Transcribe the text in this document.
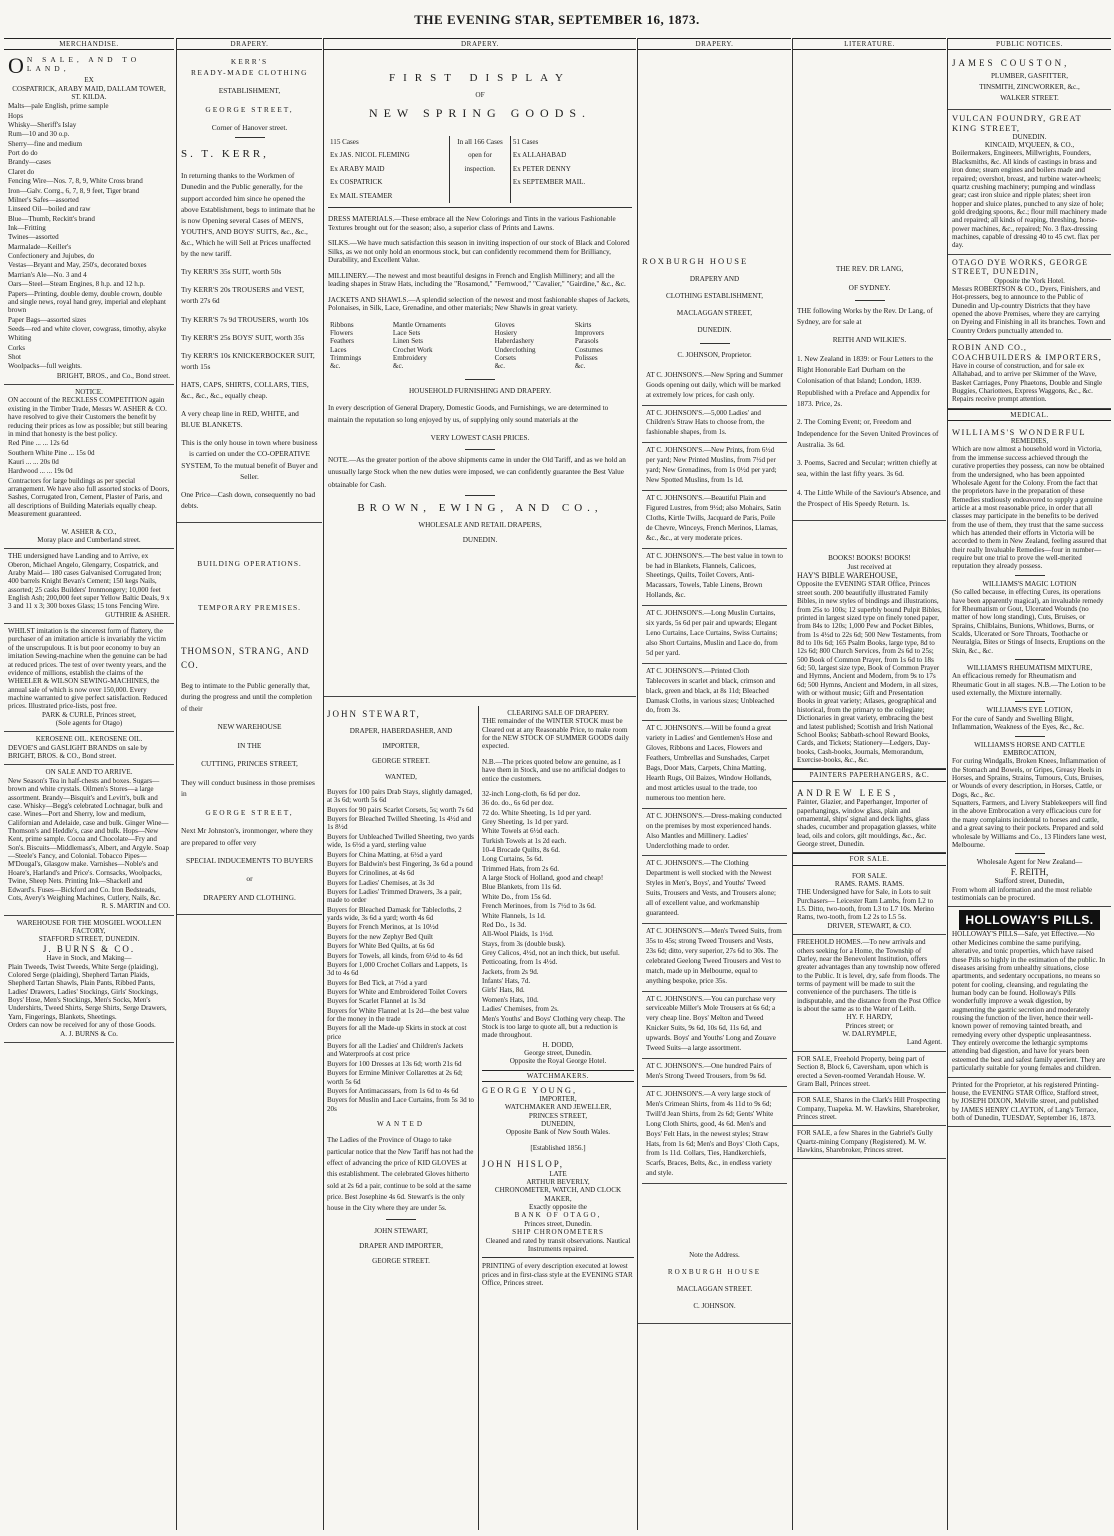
THE EVENING STAR, SEPTEMBER 16, 1873.
MERCHANDISE.
O N SALE, AND TO LAND,
EX
COSPATRICK, ARABY MAID, DALLAM TOWER, ST. KILDA.
Malts—pale English, prime sample
Hops
Whisky—Sheriff's Islay
Rum—10 and 30 o.p.
Sherry—fine and medium
Port do do
Brandy—cases
Claret do
Fencing Wire—Nos. 7, 8, 9, White Cross brand
Iron—Galv. Corrg., 6, 7, 8, 9 feet, Tiger brand
Milner's Safes—assorted
Linseed Oil—boiled and raw
Blue—Thumb, Reckitt's brand
Ink—Fritting
Twines—assorted
Marmalade—Keiller's
Confectionery and Jujubes, do
Vestas—Bryant and May, 250's, decorated boxes
Marrian's Ale—No. 3 and 4
Oars—Steel—Steam Engines, 8 h.p. and 12 h.p.
Papers—Printing, double demy, double crown, double and single news, royal hand grey, imperial and elephant brown
Paper Bags—assorted sizes
Seeds—red and white clover, cowgrass, timothy, alsyke
Whiting
Corks
Shot
Woolpacks—full weights.
BRIGHT, BROS., and Co., Bond street.
NOTICE.
ON account of the RECKLESS COMPETITION again existing in the Timber Trade, Messrs W. ASHER & CO. have resolved to give their Customers the benefit by reducing their prices as low as possible; but still bearing in mind that honesty is the best policy.
Red Pine ... ... 12s 6d
Southern White Pine ... 15s 0d
Kauri ... ... 20s 0d
Hardwood ... ... 19s 0d
Contractors for large buildings as per special arrangement. We have also full assorted stocks of Doors, Sashes, Corrugated Iron, Cement, Plaster of Paris, and all descriptions of Building Materials equally cheap. Measurement guaranteed.
W. ASHER & CO.,
Moray place and Cumberland street.
THE undersigned have Landing and to Arrive, ex Oberon, Michael Angelo, Glengarry, Cospatrick, and Araby Maid— 180 cases Galvanised Corrugated Iron; 400 barrels Knight Bevan's Cement; 150 kegs Nails, assorted; 25 casks Builders' Ironmongery; 10,000 feet English Ash; 200,000 feet super Yellow Baltic Deals, 9 x 3 and 11 x 3; 300 boxes Glass; 15 tons Fencing Wire.
GUTHRIE & ASHER.
WHILST imitation is the sincerest form of flattery, the purchaser of an imitation article is invariably the victim of the unscrupulous. It is but poor economy to buy an imitation Sewing-machine when the genuine can be had at reduced prices. The test of over twenty years, and the evidence of millions, establish the claims of the WHEELER & WILSON SEWING-MACHINES, the annual sale of which is now over 150,000. Every machine warranted to give perfect satisfaction. Reduced prices. Illustrated price-lists, post free.
PARK & CURLE, Princes street,
(Sole agents for Otago)
KEROSENE OIL. KEROSENE OIL.
DEVOE'S and GASLIGHT BRANDS on sale by BRIGHT, BROS. & CO., Bond street.
ON SALE AND TO ARRIVE.
New Season's Tea in half-chests and boxes. Sugars—brown and white crystals. Oilmen's Stores—a large assortment. Brandy—Bisquit's and Levitt's, bulk and case. Whisky—Begg's celebrated Lochnagar, bulk and case. Wines—Port and Sherry, low and medium, Californian and Adelaide, case and bulk. Ginger Wine—Thomson's and Heddle's, case and bulk. Hops—New Kent, prime sample. Cocoa and Chocolate—Fry and Son's. Biscuits—Middlemass's, Albert, and Argyle. Soap—Steele's Fancy, and Colonial. Tobacco Pipes—M'Dougal's, Glasgow make. Varnishes—Noble's and Hoare's, Harland's and Price's. Cornsacks, Woolpacks, Twine, Sheep Nets. Printing Ink—Shackell and Edward's. Fuses—Bickford and Co. Iron Bedsteads, Cots, Avery's Weighing Machines, Cutlery, Nails, &c.
R. S. MARTIN and CO.
WAREHOUSE FOR THE MOSGIEL WOOLLEN FACTORY,
STAFFORD STREET, DUNEDIN.
J. BURNS & CO.
Have in Stock, and Making—
Plain Tweeds, Twist Tweeds, White Serge (plaiding), Colored Serge (plaiding), Shepherd Tartan Plaids, Shepherd Tartan Shawls, Plain Pants, Ribbed Pants, Ladies' Drawers, Ladies' Stockings, Girls' Stockings, Boys' Hose, Men's Stockings, Men's Socks, Men's Undershirts, Tweed Shirts, Serge Shirts, Serge Drawers, Yarn, Fingerings, Blankets, Sheetings.
Orders can now be received for any of those Goods.
A. J. BURNS & Co.
DRAPERY.
KERR'S
READY-MADE CLOTHING
ESTABLISHMENT,
GEORGE STREET,
Corner of Hanover street.
S. T. KERR,
In returning thanks to the Workmen of Dunedin and the Public generally, for the support accorded him since he opened the above Establishment, begs to intimate that he is now Opening several Cases of MEN'S, YOUTH'S, AND BOYS' SUITS, &c., &c., &c., Which he will Sell at Prices unaffected by the new tariff.
Try KERR'S 35s SUIT, worth 50s
Try KERR'S 20s TROUSERS and VEST, worth 27s 6d
Try KERR'S 7s 9d TROUSERS, worth 10s
Try KERR'S 25s BOYS' SUIT, worth 35s
Try KERR'S 10s KNICKERBOCKER SUIT, worth 15s
HATS, CAPS, SHIRTS, COLLARS, TIES, &c., &c., &c., equally cheap.
A very cheap line in RED, WHITE, and BLUE BLANKETS.
This is the only house in town where business is carried on under the CO-OPERATIVE SYSTEM, To the mutual benefit of Buyer and Seller.
One Price—Cash down, consequently no bad debts.
BUILDING OPERATIONS.
TEMPORARY PREMISES.
THOMSON, STRANG, AND CO.
Beg to intimate to the Public generally that, during the progress and until the completion of their
NEW WAREHOUSE
IN THE
CUTTING, PRINCES STREET,
They will conduct business in those premises in
GEORGE STREET,
Next Mr Johnston's, ironmonger, where they are prepared to offer very
SPECIAL INDUCEMENTS TO BUYERS
or
DRAPERY AND CLOTHING.
DRAPERY.
FIRST DISPLAY
OF
NEW SPRING GOODS.
115 Cases
Ex JAS. NICOL FLEMING
Ex ARABY MAID
Ex COSPATRICK
Ex MAIL STEAMER
	In all 166 Cases open for inspection.	
51 Cases
Ex ALLAHABAD
Ex PETER DENNY
Ex SEPTEMBER MAIL.
DRESS MATERIALS.—These embrace all the New Colorings and Tints in the various Fashionable Textures brought out for the season; also, a superior class of Prints and Lawns.
SILKS.—We have much satisfaction this season in inviting inspection of our stock of Black and Colored Silks, as we not only hold an enormous stock, but can confidently recommend them for Brilliancy, Durability, and Excellent Value.
MILLINERY.—The newest and most beautiful designs in French and English Millinery; and all the leading shapes in Straw Hats, including the "Rosamond," "Fernwood," "Cavalier," "Gairdine," &c., &c.
JACKETS AND SHAWLS.—A splendid selection of the newest and most fashionable shapes of Jackets, Polonaises, in Silk, Lace, Grenadine, and other materials; New Shawls in great variety.
Ribbons
Flowers
Feathers
Laces
Trimmings
&c.

Mantle Ornaments
Lace Sets
Linen Sets
Crochet Work
Embroidery
&c.

Gloves
Hosiery
Haberdashery
Underclothing
Corsets
&c.

Skirts
Improvers
Parasols
Costumes
Polisses
&c.
HOUSEHOLD FURNISHING AND DRAPERY.
In every description of General Drapery, Domestic Goods, and Furnishings, we are determined to maintain the reputation so long enjoyed by us, of supplying only sound materials at the
VERY LOWEST CASH PRICES.
NOTE.—As the greater portion of the above shipments came in under the Old Tariff, and as we hold an unusually large Stock when the new duties were imposed, we can confidently guarantee the Best Value obtainable for Cash.
BROWN, EWING, AND CO.,
WHOLESALE AND RETAIL DRAPERS,
DUNEDIN.
JOHN STEWART,
DRAPER, HABERDASHER, AND
IMPORTER,
GEORGE STREET.
WANTED,
Buyers for 100 pairs Drab Stays, slightly damaged, at 3s 6d; worth 5s 6d
Buyers for 90 pairs Scarlet Corsets, 5s; worth 7s 6d
Buyers for Bleached Twilled Sheeting, 1s 4½d and 1s 8½d
Buyers for Unbleached Twilled Sheeting, two yards wide, 1s 6½d a yard, sterling value
Buyers for China Matting, at 6½d a yard
Buyers for Baldwin's best Fingering, 3s 6d a pound
Buyers for Crinolines, at 4s 6d
Buyers for Ladies' Chemises, at 3s 3d
Buyers for Ladies' Trimmed Drawers, 3s a pair, made to order
Buyers for Bleached Damask for Tablecloths, 2 yards wide, 3s 6d a yard; worth 4s 6d
Buyers for French Merinos, at 1s 10½d
Buyers for the new Zephyr Bed Quilt
Buyers for White Bed Quilts, at 6s 6d
Buyers for Towels, all kinds, from 6½d to 4s 6d
Buyers for 1,000 Crochet Collars and Lappets, 1s 3d to 4s 6d
Buyers for Bed Tick, at 7½d a yard
Buyers for White and Embroidered Toilet Covers
Buyers for Scarlet Flannel at 1s 3d
Buyers for White Flannel at 1s 2d—the best value for the money in the trade
Buyers for all the Made-up Skirts in stock at cost price
Buyers for all the Ladies' and Children's Jackets and Waterproofs at cost price
Buyers for 100 Dresses at 13s 6d; worth 21s 6d
Buyers for Ermine Miniver Collarettes at 2s 6d; worth 5s 6d
Buyers for Antimacassars, from 1s 6d to 4s 6d
Buyers for Muslin and Lace Curtains, from 5s 3d to 20s
WANTED
The Ladies of the Province of Otago to take particular notice that the New Tariff has not had the effect of advancing the price of KID GLOVES at this establishment. The celebrated Gloves hitherto sold at 2s 6d a pair, continue to be sold at the same price. Best Josephine 4s 6d. Stewart's is the only house in the City where they are under 5s.
JOHN STEWART,
DRAPER AND IMPORTER,
GEORGE STREET.
CLEARING SALE OF DRAPERY.
THE remainder of the WINTER STOCK must be Cleared out at any Reasonable Price, to make room for the NEW STOCK OF SUMMER GOODS daily expected.
N.B.—The prices quoted below are genuine, as I have them in Stock, and use no artificial dodges to entice the customers.
32-inch Long-cloth, 6s 6d per doz.
36 do. do., 6s 6d per doz.
72 do. White Sheeting, 1s 1d per yard.
Grey Sheeting, 1s 1d per yard.
White Towels at 6½d each.
Turkish Towels at 1s 2d each.
10-4 Brocade Quilts, 8s 6d.
Long Curtains, 5s 6d.
Trimmed Hats, from 2s 6d.
A large Stock of Holland, good and cheap!
Blue Blankets, from 11s 6d.
White Do., from 15s 6d.
French Merinoes, from 1s 7½d to 3s 6d.
White Flannels, 1s 1d.
Red Do., 1s 3d.
All-Wool Plaids, 1s 1½d.
Stays, from 3s (double busk).
Grey Calicos, 4½d, not an inch thick, but useful.
Petticoating, from 1s 4½d.
Jackets, from 2s 9d.
Infants' Hats, 7d.
Girls' Hats, 8d.
Women's Hats, 10d.
Ladies' Chemises, from 2s.
Men's Youths' and Boys' Clothing very cheap. The Stock is too large to quote all, but a reduction is made throughout.
H. DODD,
George street, Dunedin.
Opposite the Royal George Hotel.
WATCHMAKERS.
GEORGE YOUNG,
IMPORTER,
WATCHMAKER AND JEWELLER,
PRINCES STREET,
DUNEDIN,
Opposite Bank of New South Wales.
[Established 1856.]
JOHN HISLOP,
LATE
ARTHUR BEVERLY,
CHRONOMETER, WATCH, AND CLOCK MAKER,
Exactly opposite the
BANK OF OTAGO,
Princes street, Dunedin.
SHIP CHRONOMETERS
Cleaned and rated by transit observations. Nautical Instruments repaired.
PRINTING of every description executed at lowest prices and in first-class style at the EVENING STAR Office, Princes street.
DRAPERY.
ROXBURGH HOUSE
DRAPERY AND
CLOTHING ESTABLISHMENT,
MACLAGGAN STREET,
DUNEDIN.
C. JOHNSON, Proprietor.
AT C. JOHNSON'S.—New Spring and Summer Goods opening out daily, which will be marked at extremely low prices, for cash only.
AT C. JOHNSON'S.—5,000 Ladies' and Children's Straw Hats to choose from, the fashionable shapes, from 1s.
AT C. JOHNSON'S.—New Prints, from 6½d per yard; New Printed Muslins, from 7½d per yard; New Grenadines, from 1s 0½d per yard; New Spotted Muslins, from 1s 1d.
AT C. JOHNSON'S.—Beautiful Plain and Figured Lustres, from 9½d; also Mohairs, Satin Cloths, Kirtle Twills, Jacquard de Paris, Poile de Chevre, Winceys, French Merinos, Llamas, &c., &c., at very moderate prices.
AT C. JOHNSON'S.—The best value in town to be had in Blankets, Flannels, Calicoes, Sheetings, Quilts, Toilet Covers, Anti-Macassars, Towels, Table Linens, Brown Hollands, &c.
AT C. JOHNSON'S.—Long Muslin Curtains, six yards, 5s 6d per pair and upwards; Elegant Leno Curtains, Lace Curtains, Swiss Curtains; also Short Curtains, Muslin and Lace do, from 5d per yard.
AT C. JOHNSON'S.—Printed Cloth Tablecovers in scarlet and black, crimson and black, green and black, at 8s 11d; Bleached Damask Cloths, in various sizes; Unbleached do, from 3s.
AT C. JOHNSON'S.—Will be found a great variety in Ladies' and Gentlemen's Hose and Gloves, Ribbons and Laces, Flowers and Feathers, Umbrellas and Sunshades, Carpet Bags, Door Mats, Carpets, China Matting, Hearth Rugs, Oil Baizes, Window Hollands, and most articles usual to the trade, too numerous too mention here.
AT C. JOHNSON'S.—Dress-making conducted on the premises by most experienced hands. Also Mantles and Millinery. Ladies' Underclothing made to order.
AT C. JOHNSON'S.—The Clothing Department is well stocked with the Newest Styles in Men's, Boys', and Youths' Tweed Suits, Trousers and Vests, and Trousers alone; all of excellent value, and workmanship guaranteed.
AT C. JOHNSON'S.—Men's Tweed Suits, from 35s to 45s; strong Tweed Trousers and Vests, 23s 6d; ditto, very superior, 27s 6d to 30s. The celebrated Geelong Tweed Trousers and Vest to match, made up in Melbourne, equal to anything bespoke, price 35s.
AT C. JOHNSON'S.—You can purchase very serviceable Miller's Mole Trousers at 6s 6d; a very cheap line. Boys' Melton and Tweed Knicker Suits, 9s 6d, 10s 6d, 11s 6d, and upwards. Boys' and Youths' Long and Zouave Tweed Suits—a large assortment.
AT C. JOHNSON'S.—One hundred Pairs of Men's Strong Tweed Trousers, from 9s 6d.
AT C. JOHNSON'S.—A very large stock of Men's Crimean Shirts, from 4s 11d to 9s 6d; Twill'd Jean Shirts, from 2s 6d; Gents' White Long Cloth Shirts, good, 4s 6d. Men's and Boys' Felt Hats, in the newest styles; Straw Hats, from 1s 6d; Men's and Boys' Cloth Caps, from 1s 11d. Collars, Ties, Handkerchiefs, Scarfs, Braces, Belts, &c., in endless variety and style.
Note the Address.
ROXBURGH HOUSE
MACLAGGAN STREET.
C. JOHNSON.
LITERATURE.
THE REV. DR LANG,
OF SYDNEY.
THE following Works by the Rev. Dr Lang, of Sydney, are for sale at
REITH AND WILKIE'S.
1. New Zealand in 1839: or Four Letters to the Right Honorable Earl Durham on the Colonisation of that Island; London, 1839. Republished with a Preface and Appendix for 1873. Price, 2s.
2. The Coming Event; or, Freedom and Independence for the Seven United Provinces of Australia. 3s 6d.
3. Poems, Sacred and Secular; written chiefly at sea, within the last fifty years. 3s 6d.
4. The Little While of the Saviour's Absence, and the Prospect of His Speedy Return. 1s.
BOOKS! BOOKS! BOOKS!
Just received at
HAY'S BIBLE WAREHOUSE,
Opposite the EVENING STAR Office, Princes street south. 200 beautifully illustrated Family Bibles, in new styles of bindings and illustrations, from 25s to 100s; 12 superbly bound Pulpit Bibles, printed in largest sized type on finely toned paper, from 84s to 120s; 1,000 Pew and Pocket Bibles, from 1s 4½d to 22s 6d; 500 New Testaments, from 8d to 10s 6d; 165 Psalm Books, large type, 8d to 12s 6d; 800 Church Services, from 2s 6d to 25s; 500 Book of Common Prayer, from 1s 6d to 18s 6d; 50, largest size type, Book of Common Prayer and Hymns, Ancient and Modern, from 9s to 17s 6d; 500 Hymns, Ancient and Modern, in all sizes, with or without music; Gift and Presentation Books in great variety; Atlases, geographical and historical, from the primary to the collegiate; Dictionaries in great variety, embracing the best and latest published; Scottish and Irish National School Books; Sabbath-school Reward Books, Cards, and Tickets; Stationery—Ledgers, Day-books, Cash-books, Journals, Memorandum, Exercise-books, &c., &c.
PAINTERS PAPERHANGERS, &C.
ANDREW LEES,
Painter, Glazier, and Paperhanger, Importer of paperhangings, window glass, plain and ornamental, ships' signal and deck lights, glass shades, cucumber and propagation glasses, white lead, oils and colors, gilt mouldings, &c., &c. George street, Dunedin.
FOR SALE.
FOR SALE.
RAMS. RAMS. RAMS.
THE Undersigned have for Sale, in Lots to suit Purchasers— Leicester Ram Lambs, from L2 to L5. Ditto, two-tooth, from L3 to L7 10s. Merino Rams, two-tooth, from L2 2s to L5 5s.
DRIVER, STEWART, & CO.
FREEHOLD HOMES.—To new arrivals and others seeking for a Home, the Township of Darley, near the Benevolent Institution, offers greater advantages than any township now offered to the Public. It is level, dry, safe from floods. The terms of payment will be made to suit the convenience of the purchasers. The title is indisputable, and the distance from the Post Office is about the same as to the Water of Leith.
HY. F. HARDY,
Princes street; or
W. DALRYMPLE,
Land Agent.
FOR SALE, Freehold Property, being part of Section 8, Block 6, Caversham, upon which is erected a Seven-roomed Verandah House. W. Gram Ball, Princes street.
FOR SALE, Shares in the Clark's Hill Prospecting Company, Tuapeka. M. W. Hawkins, Sharebroker, Princes street.
FOR SALE, a few Shares in the Gabriel's Gully Quartz-mining Company (Registered). M. W. Hawkins, Sharebroker, Princes street.
PUBLIC NOTICES.
JAMES COUSTON,
PLUMBER, GASFITTER,
TINSMITH, ZINCWORKER, &c.,
WALKER STREET.
VULCAN FOUNDRY, GREAT KING STREET,
DUNEDIN.
KINCAID, M'QUEEN, & CO.,
Boilermakers, Engineers, Millwrights, Founders, Blacksmiths, &c. All kinds of castings in brass and iron done; steam engines and boilers made and repaired; overshot, breast, and turbine water-wheels; quartz crushing machinery; pumping and windlass gear; cast iron sluice and ripple plates; sheet iron hopper and sluice plates, punched to any size of hole; gold dredging spoons, &c.; flour mill machinery made and repaired; all kinds of reaping, threshing, horse-power machines, &c., repaired; No. 3 flax-dressing machines, capable of dressing 40 to 45 cwt. flax per day.
OTAGO DYE WORKS, GEORGE STREET, DUNEDIN,
Opposite the York Hotel.
Messrs ROBERTSON & CO., Dyers, Finishers, and Hot-pressers, beg to announce to the Public of Dunedin and Up-country Districts that they have opened the above Premises, where they are carrying on Dyeing and Finishing in all its branches. Town and Country Orders punctually attended to.
ROBIN AND CO., COACHBUILDERS & IMPORTERS,
Have in course of construction, and for sale ex Allahabad, and to arrive per Skimmer of the Wave, Basket Carriages, Pony Phaetons, Double and Single Buggies, Chariottees, Express Waggons, &c., &c. Repairs receive prompt attention.
MEDICAL.
WILLIAMS'S WONDERFUL
REMEDIES,
Which are now almost a household word in Victoria, from the immense success achieved through the curative properties they possess, can now be obtained from the undersigned, who has been appointed Wholesale Agent for the Colony. From the fact that the proprietors have in the preparation of these Remedies studiously endeavored to supply a genuine article at a most reasonable price, in order that all classes may participate in the benefits to be derived from the use of them, they trust that the same success which has attended their efforts in Victoria will be accorded to them in New Zealand, feeling assured that their really Invaluable Remedies—four in number—require but one trial to prove the well-merited reputation they already possess.
WILLIAMS'S MAGIC LOTION
(So called because, in effecting Cures, its operations have been apparently magical), an invaluable remedy for Rheumatism or Gout, Ulcerated Wounds (no matter of how long standing), Cuts, Bruises, or Sprains, Chilblains, Bunions, Whitlows, Burns, or Scalds, Ulcerated or Sore Throats, Toothache or Neuralgia, Bites or Stings of Insects, Eruptions on the Skin, &c., &c.
WILLIAMS'S RHEUMATISM MIXTURE,
An efficacious remedy for Rheumatism and Rheumatic Gout in all stages. N.B.—The Lotion to be used externally, the Mixture internally.
WILLIAMS'S EYE LOTION,
For the cure of Sandy and Swelling Blight, Inflammation, Weakness of the Eyes, &c., &c.
WILLIAMS'S HORSE AND CATTLE EMBROCATION,
For curing Windgalls, Broken Knees, Inflammation of the Stomach and Bowels, or Gripes, Greasy Heels in Horses, and Sprains, Strains, Tumours, Cuts, Bruises, or Wounds of every description, in Horses, Cattle, or Dogs, &c., &c.
Squatters, Farmers, and Livery Stablekeepers will find in the above Embrocation a very efficacious cure for the many complaints incidental to horses and cattle, and a great saving to their pockets. Prepared and sold wholesale by Williams and Co., 13 Flinders lane west, Melbourne.
Wholesale Agent for New Zealand—
F. REITH,
Stafford street, Dunedin,
From whom all information and the most reliable testimonials can be procured.
HOLLOWAY'S PILLS.
HOLLOWAY'S PILLS—Safe, yet Effective.—No other Medicines combine the same purifying, alterative, and tonic properties, which have raised these Pills so highly in the estimation of the public. In diseases arising from unhealthy situations, close apartments, and sedentary occupations, no means so potent for cooling, cleansing, and regulating the human body can be found. Holloway's Pills wonderfully improve a weak digestion, by augmenting the gastric secretion and moderately rousing the function of the liver, hence their well-known power of removing tainted breath, and remedying every other dyspeptic unpleasantness. They entirely overcome the lethargic symptoms attending bad digestion, and have for years been esteemed the best and safest family aperient. They are particularly suitable for young females and children.
Printed for the Proprietor, at his registered Printing-house, the EVENING STAR Office, Stafford street, by JOSEPH DIXON, Melville street, and published by JAMES HENRY CLAYTON, of Lang's Terrace, both of Dunedin, TUESDAY, September 16, 1873.
